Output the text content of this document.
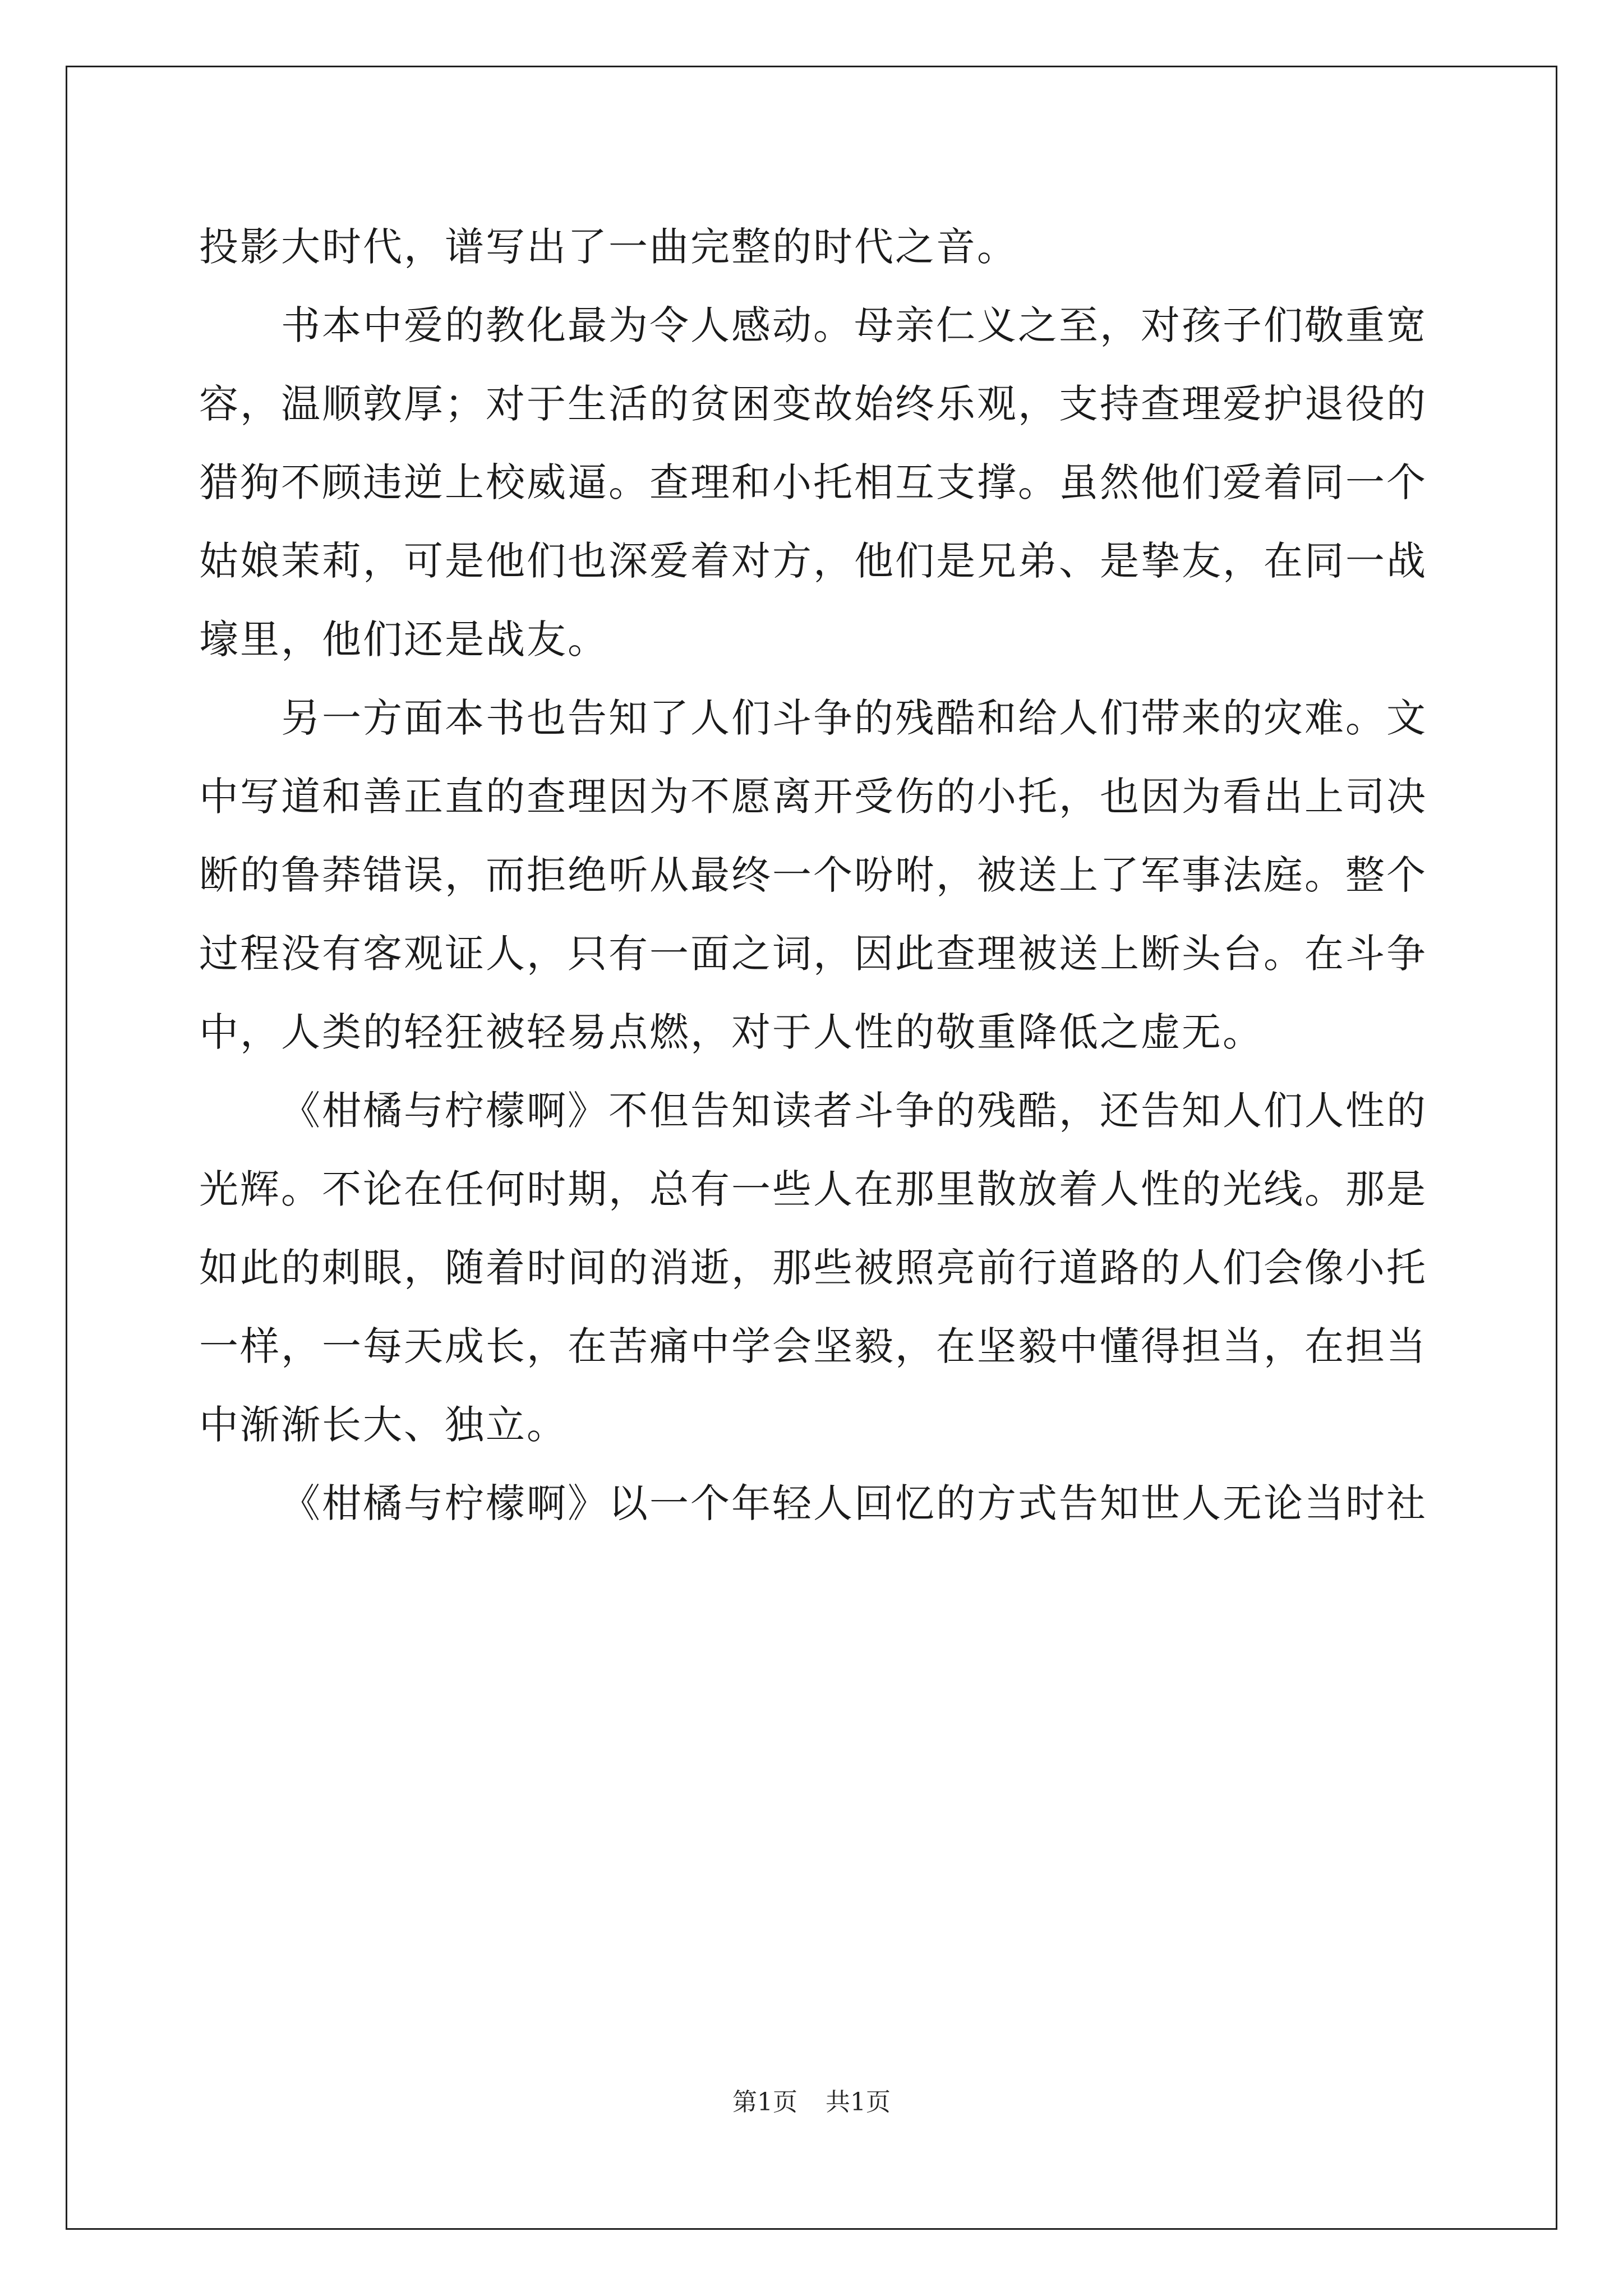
投影大时代，谱写出了一曲完整的时代之音。

书本中爱的教化最为令人感动。母亲仁义之至，对孩子们敬重宽容，温顺敦厚；对于生活的贫困变故始终乐观，支持查理爱护退役的猎狗不顾违逆上校威逼。查理和小托相互支撑。虽然他们爱着同一个姑娘茉莉，可是他们也深爱着对方，他们是兄弟、是挚友，在同一战壕里，他们还是战友。

另一方面本书也告知了人们斗争的残酷和给人们带来的灾难。文中写道和善正直的查理因为不愿离开受伤的小托，也因为看出上司决断的鲁莽错误，而拒绝听从最终一个吩咐，被送上了军事法庭。整个过程没有客观证人，只有一面之词，因此查理被送上断头台。在斗争中，人类的轻狂被轻易点燃，对于人性的敬重降低之虚无。

《柑橘与柠檬啊》不但告知读者斗争的残酷，还告知人们人性的光辉。不论在任何时期，总有一些人在那里散放着人性的光线。那是如此的刺眼，随着时间的消逝，那些被照亮前行道路的人们会像小托一样，一每天成长，在苦痛中学会坚毅，在坚毅中懂得担当，在担当中渐渐长大、独立。

《柑橘与柠檬啊》以一个年轻人回忆的方式告知世人无论当时社

第1页 共1页
